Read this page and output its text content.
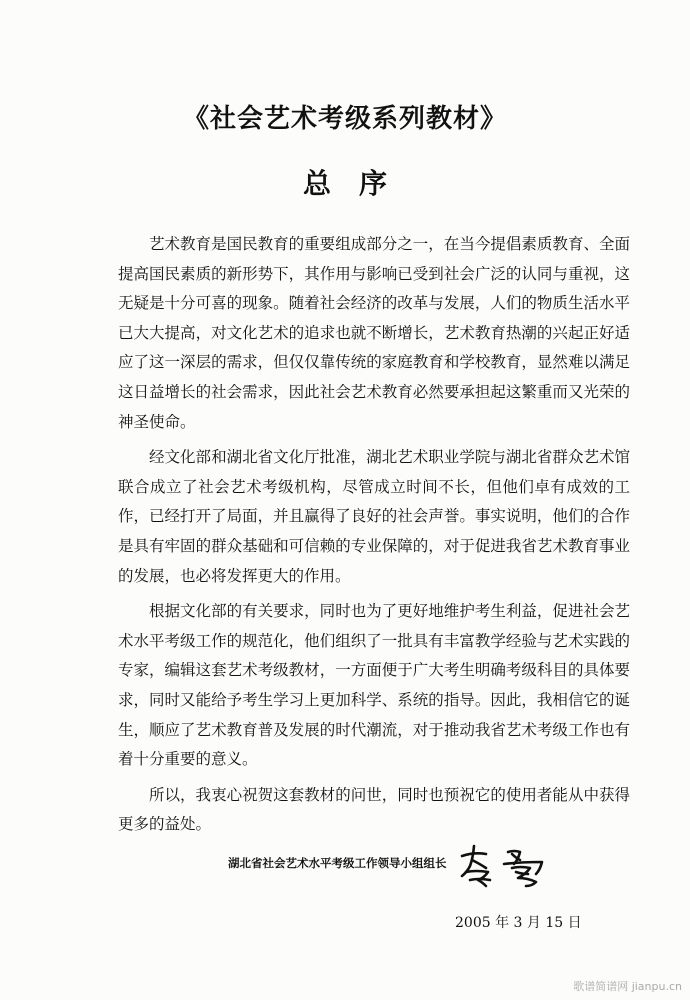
《社会艺术考级系列教材》
总序

艺术教育是国民教育的重要组成部分之一，在当今提倡素质教育、全面提高国民素质的新形势下，其作用与影响已受到社会广泛的认同与重视，这无疑是十分可喜的现象。随着社会经济的改革与发展，人们的物质生活水平已大大提高，对文化艺术的追求也就不断增长，艺术教育热潮的兴起正好适应了这一深层的需求，但仅仅靠传统的家庭教育和学校教育，显然难以满足这日益增长的社会需求，因此社会艺术教育必然要承担起这繁重而又光荣的神圣使命。

经文化部和湖北省文化厅批准，湖北艺术职业学院与湖北省群众艺术馆联合成立了社会艺术考级机构，尽管成立时间不长，但他们卓有成效的工作，已经打开了局面，并且赢得了良好的社会声誉。事实说明，他们的合作是具有牢固的群众基础和可信赖的专业保障的，对于促进我省艺术教育事业的发展，也必将发挥更大的作用。

根据文化部的有关要求，同时也为了更好地维护考生利益，促进社会艺术水平考级工作的规范化，他们组织了一批具有丰富教学经验与艺术实践的专家，编辑这套艺术考级教材，一方面便于广大考生明确考级科目的具体要求，同时又能给予考生学习上更加科学、系统的指导。因此，我相信它的诞生，顺应了艺术教育普及发展的时代潮流，对于推动我省艺术考级工作也有着十分重要的意义。

所以，我衷心祝贺这套教材的问世，同时也预祝它的使用者能从中获得更多的益处。

湖北省社会艺术水平考级工作领导小组组长
2005 年 3 月 15 日
歌谱简谱网 jianpu.cn
